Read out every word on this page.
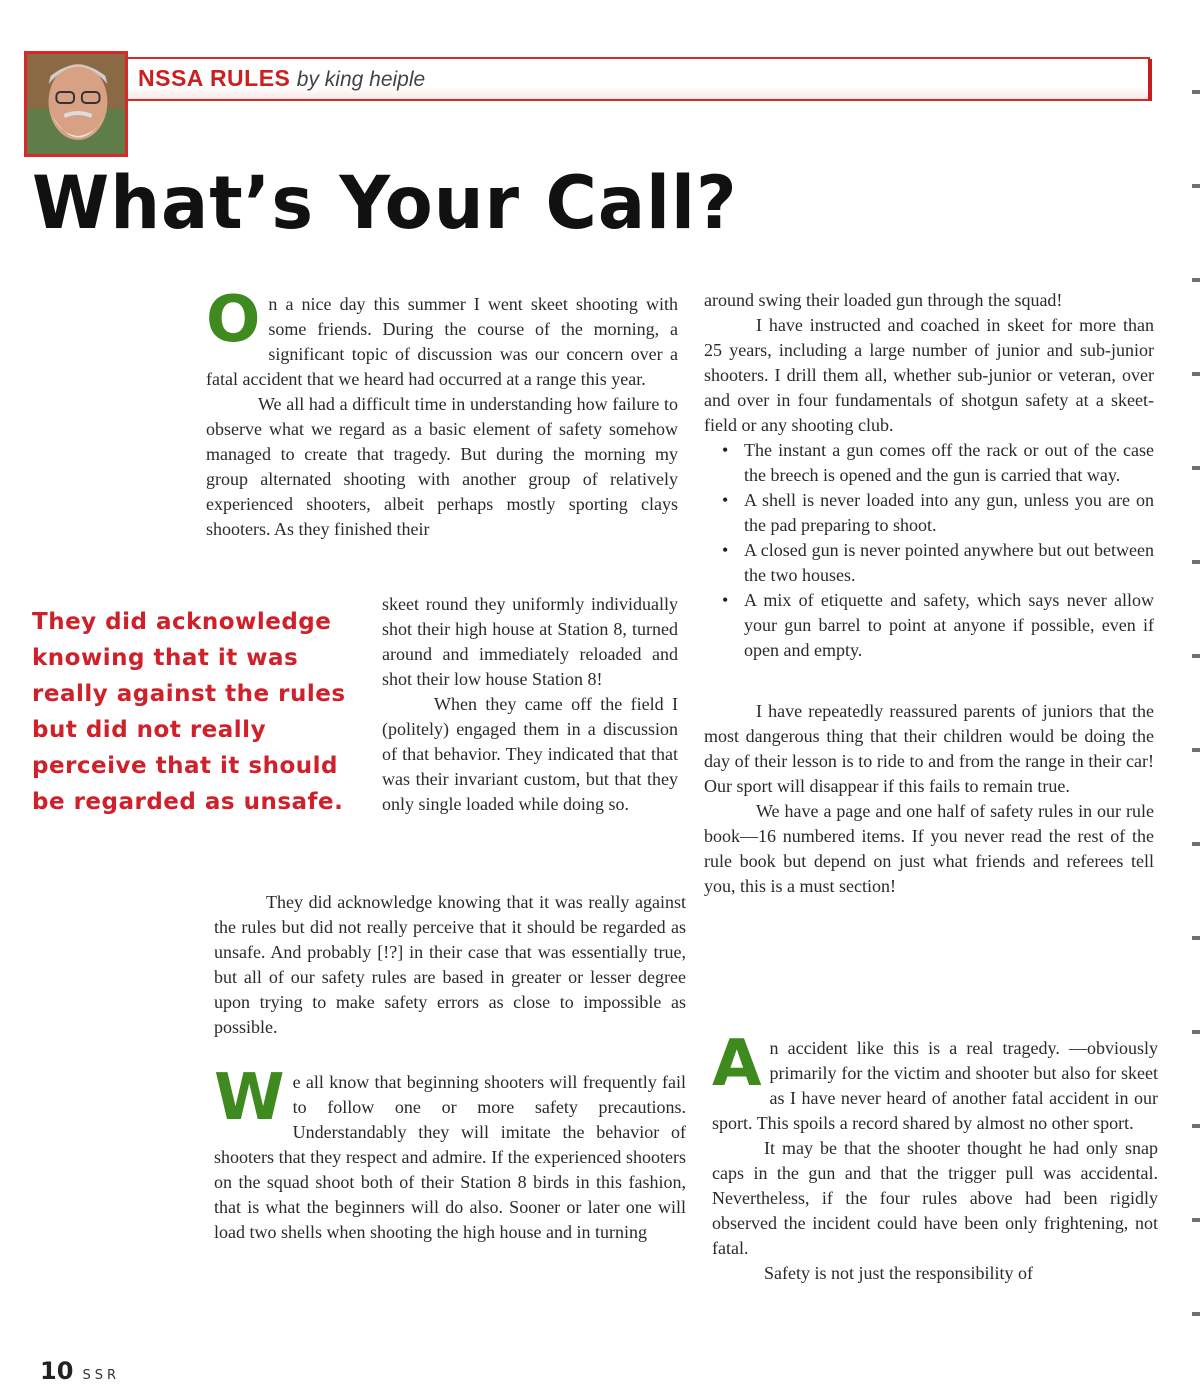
NSSA RULES by king heiple
What’s Your Call?
O n a nice day this summer I went skeet shooting with some friends. During the course of the morning, a significant topic of discussion was our concern over a fatal accident that we heard had occurred at a range this year.

We all had a difficult time in understanding how failure to observe what we regard as a basic element of safety somehow managed to create that tragedy. But during the morning my group alternated shooting with another group of relatively experienced shooters, albeit perhaps mostly sporting clays shooters. As they finished their

They did acknowledge knowing that it was really against the rules but did not really perceive that it should be regarded as unsafe.

skeet round they uniformly individually shot their high house at Station 8, turned around and immediately reloaded and shot their low house Station 8!

When they came off the field I (politely) engaged them in a discussion of that behavior. They indicated that that was their invariant custom, but that they only single loaded while doing so.

They did acknowledge knowing that it was really against the rules but did not really perceive that it should be regarded as unsafe. And probably [!?] in their case that was essentially true, but all of our safety rules are based in greater or lesser degree upon trying to make safety errors as close to impossible as possible.

W e all know that beginning shooters will frequently fail to follow one or more safety precautions. Understandably they will imitate the behavior of shooters that they respect and admire. If the experienced shooters on the squad shoot both of their Station 8 birds in this fashion, that is what the beginners will do also. Sooner or later one will load two shells when shooting the high house and in turning

around swing their loaded gun through the squad!

I have instructed and coached in skeet for more than 25 years, including a large number of junior and sub-junior shooters. I drill them all, whether sub-junior or veteran, over and over in four fundamentals of shotgun safety at a skeet-field or any shooting club.

• The instant a gun comes off the rack or out of the case the breech is opened and the gun is carried that way.
• A shell is never loaded into any gun, unless you are on the pad preparing to shoot.
• A closed gun is never pointed anywhere but out between the two houses.
• A mix of etiquette and safety, which says never allow your gun barrel to point at anyone if possible, even if open and empty.

I have repeatedly reassured parents of juniors that the most dangerous thing that their children would be doing the day of their lesson is to ride to and from the range in their car! Our sport will disappear if this fails to remain true.

We have a page and one half of safety rules in our rule book—16 numbered items. If you never read the rest of the rule book but depend on just what friends and referees tell you, this is a must section!

A n accident like this is a real tragedy. —obviously primarily for the victim and shooter but also for skeet as I have never heard of another fatal accident in our sport. This spoils a record shared by almost no other sport.

It may be that the shooter thought he had only snap caps in the gun and that the trigger pull was accidental. Nevertheless, if the four rules above had been rigidly observed the incident could have been only frightening, not fatal.

Safety is not just the responsibility of

10 SSR
